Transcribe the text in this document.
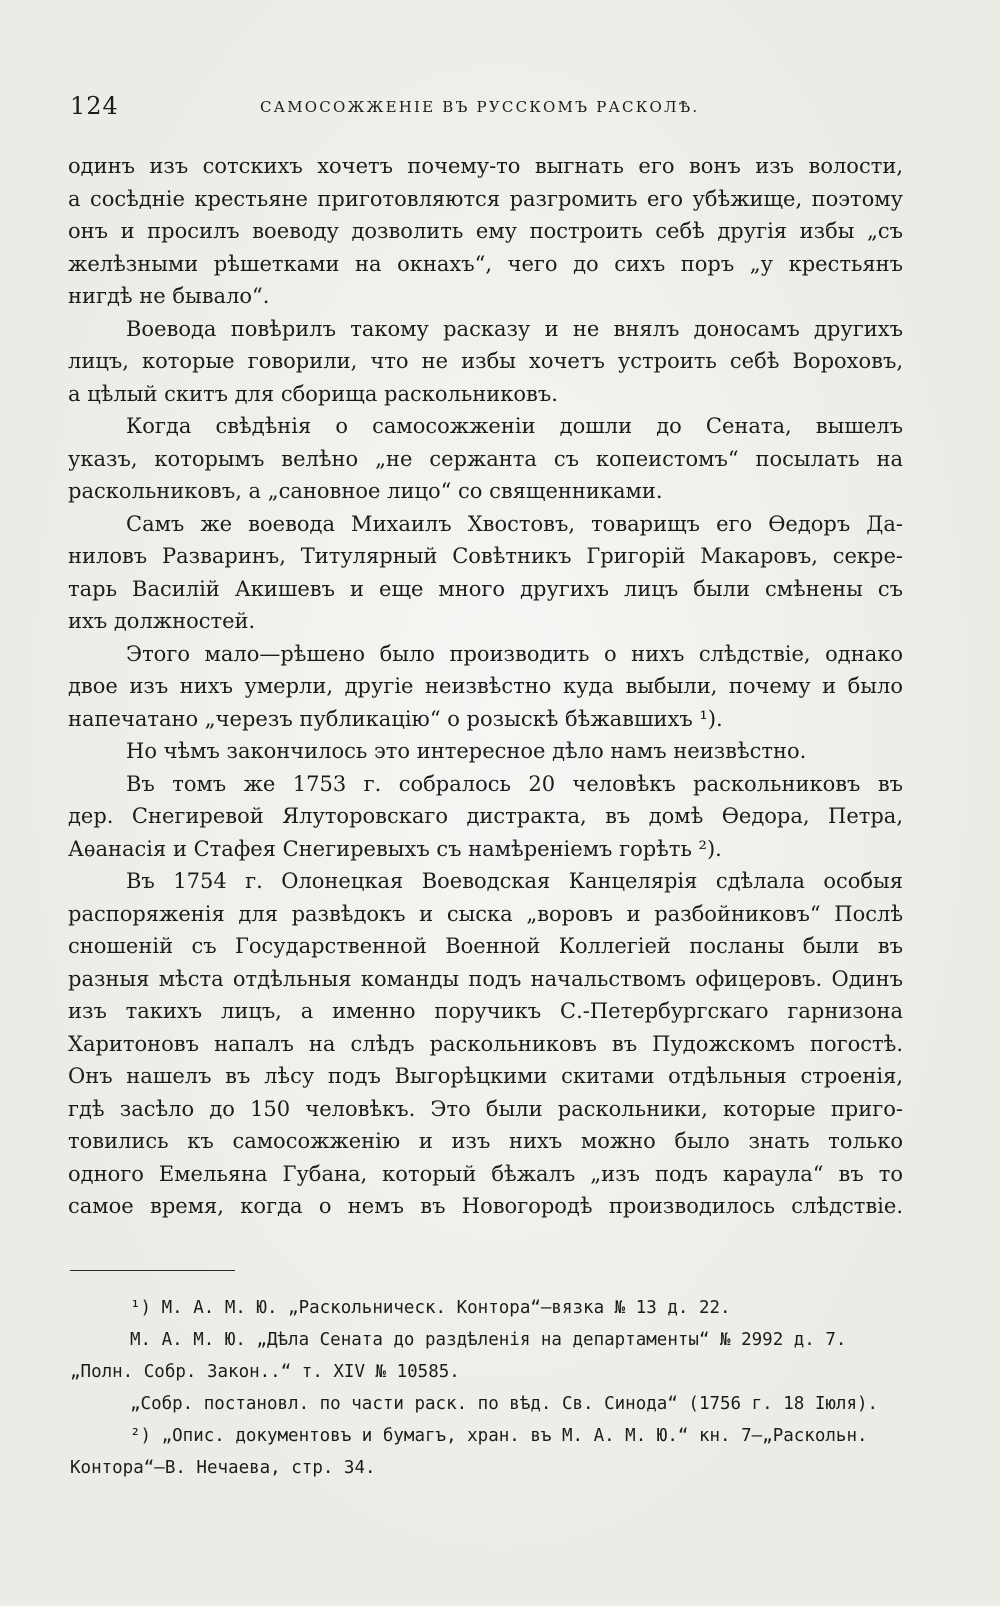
124	САМОСОЖЖЕНІЕ ВЪ РУССКОМЪ РАСКОЛѢ.
одинъ изъ сотскихъ хочетъ почему-то выгнать его вонъ изъ волости,
а сосѣдніе крестьяне приготовляются разгромить его убѣжище, поэтому
онъ и просилъ воеводу дозволить ему построить себѣ другія избы „съ
желѣзными рѣшетками на окнахъ“, чего до сихъ поръ „у крестьянъ
нигдѣ не бывало“.
Воевода повѣрилъ такому расказу и не внялъ доносамъ другихъ
лицъ, которые говорили, что не избы хочетъ устроить себѣ Вороховъ,
а цѣлый скитъ для сборища раскольниковъ.
Когда свѣдѣнія о самосожженіи дошли до Сената, вышелъ
указъ, которымъ велѣно „не сержанта съ копеистомъ“ посылать на
раскольниковъ, а „сановное лицо“ со священниками.
Самъ же воевода Михаилъ Хвостовъ, товарищъ его Ѳедоръ Да-
ниловъ Разваринъ, Титулярный Совѣтникъ Григорій Макаровъ, секре-
тарь Василій Акишевъ и еще много другихъ лицъ были смѣнены съ
ихъ должностей.
Этого мало—рѣшено было производить о нихъ слѣдствіе, однако
двое изъ нихъ умерли, другіе неизвѣстно куда выбыли, почему и было
напечатано „черезъ публикацію“ о розыскѣ бѣжавшихъ ¹).
Но чѣмъ закончилось это интересное дѣло намъ неизвѣстно.
Въ томъ же 1753 г. собралось 20 человѣкъ раскольниковъ въ
дер. Снегиревой Ялуторовскаго дистракта, въ домѣ Ѳедора, Петра,
Аѳанасія и Стафея Снегиревыхъ съ намѣреніемъ горѣть ²).
Въ 1754 г. Олонецкая Воеводская Канцелярія сдѣлала особыя
распоряженія для развѣдокъ и сыска „воровъ и разбойниковъ“ Послѣ
сношеній съ Государственной Военной Коллегіей посланы были въ
разныя мѣста отдѣльныя команды подъ начальствомъ офицеровъ. Одинъ
изъ такихъ лицъ, а именно поручикъ С.-Петербургскаго гарнизона
Харитоновъ напалъ на слѣдъ раскольниковъ въ Пудожскомъ погостѣ.
Онъ нашелъ въ лѣсу подъ Выгорѣцкими скитами отдѣльныя строенія,
гдѣ засѣло до 150 человѣкъ. Это были раскольники, которые приго-
товились къ самосожженію и изъ нихъ можно было знать только
одного Емельяна Губана, который бѣжалъ „изъ подъ караула“ въ то
самое время, когда о немъ въ Новогородѣ производилось слѣдствіе.
¹) М. А. М. Ю. „Раскольническ. Контора“—вязка № 13 д. 22.
М. А. М. Ю. „Дѣла Сената до раздѣленія на департаменты“ № 2992 д. 7.
„Полн. Собр. Закон..“ т. XIV № 10585.
„Собр. постановл. по части раск. по вѣд. Св. Синода“ (1756 г. 18 Іюля).
²) „Опис. документовъ и бумагъ, хран. въ М. А. М. Ю.“ кн. 7—„Раскольн.
Контора“—В. Нечаева, стр. 34.
